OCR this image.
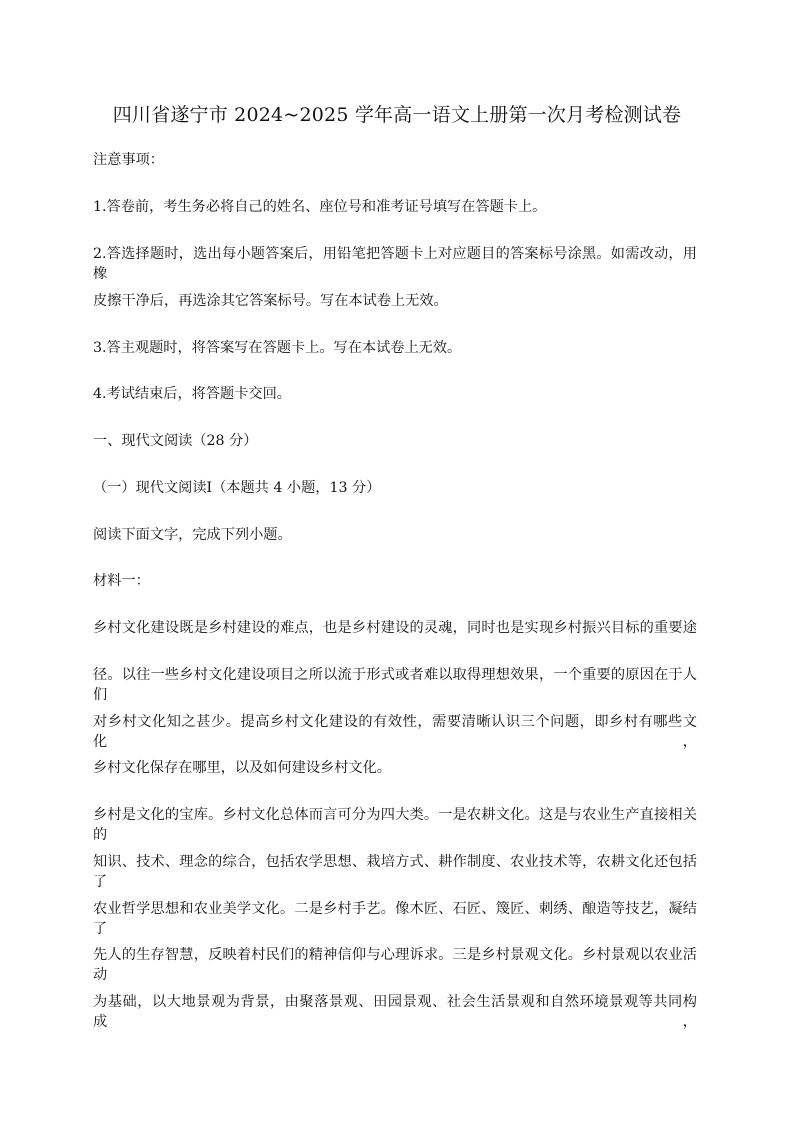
四川省遂宁市 2024~2025 学年高一语文上册第一次月考检测试卷
注意事项：
1.答卷前，考生务必将自己的姓名、座位号和准考证号填写在答题卡上。
2.答选择题时，选出每小题答案后，用铅笔把答题卡上对应题目的答案标号涂黑。如需改动，用橡
皮擦干净后，再选涂其它答案标号。写在本试卷上无效。
3.答主观题时，将答案写在答题卡上。写在本试卷上无效。
4.考试结束后，将答题卡交回。
一、现代文阅读（28 分）
（一）现代文阅读Ⅰ（本题共 4 小题，13 分）
阅读下面文字，完成下列小题。
材料一：
乡村文化建设既是乡村建设的难点，也是乡村建设的灵魂，同时也是实现乡村振兴目标的重要途
径。以往一些乡村文化建设项目之所以流于形式或者难以取得理想效果，一个重要的原因在于人们
对乡村文化知之甚少。提高乡村文化建设的有效性，需要清晰认识三个问题，即乡村有哪些文化，
乡村文化保存在哪里，以及如何建设乡村文化。
乡村是文化的宝库。乡村文化总体而言可分为四大类。一是农耕文化。这是与农业生产直接相关的
知识、技术、理念的综合，包括农学思想、栽培方式、耕作制度、农业技术等，农耕文化还包括了
农业哲学思想和农业美学文化。二是乡村手艺。像木匠、石匠、篾匠、刺绣、酿造等技艺，凝结了
先人的生存智慧，反映着村民们的精神信仰与心理诉求。三是乡村景观文化。乡村景观以农业活动
为基础，以大地景观为背景，由聚落景观、田园景观、社会生活景观和自然环境景观等共同构成，
